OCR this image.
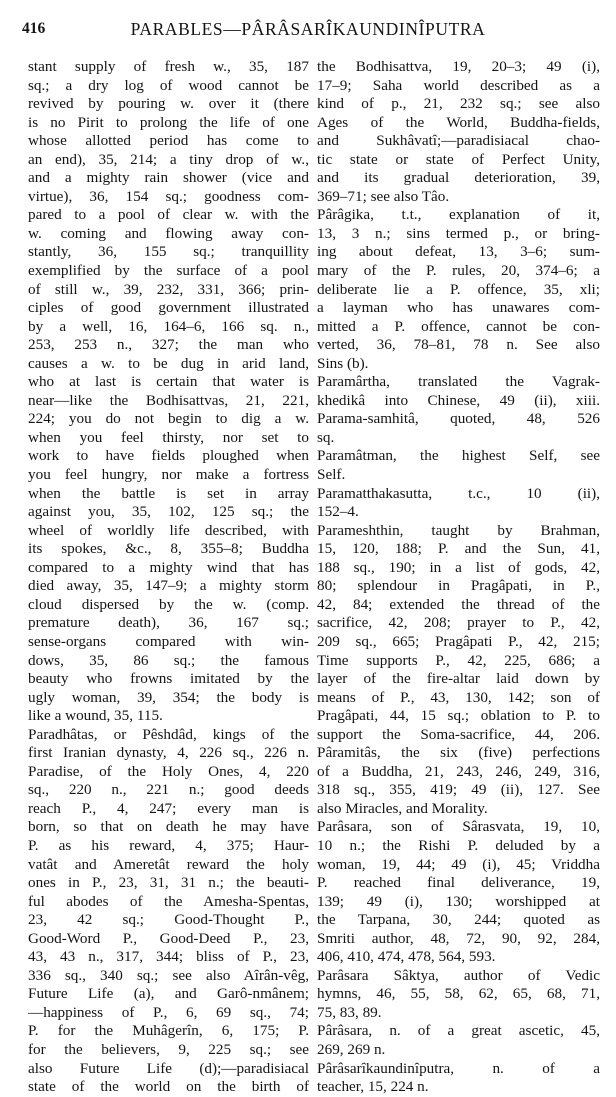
416	PARABLES—PÂRÂSARÎKAUNDINÎPUTRA
stant supply of fresh w., 35, 187
sq.; a dry log of wood cannot be
revived by pouring w. over it (there
is no Pirit to prolong the life of one
whose allotted period has come to
an end), 35, 214; a tiny drop of w.,
and a mighty rain shower (vice and
virtue), 36, 154 sq.; goodness com-
pared to a pool of clear w. with the
w. coming and flowing away con-
stantly, 36, 155 sq.; tranquillity
exemplified by the surface of a pool
of still w., 39, 232, 331, 366; prin-
ciples of good government illustrated
by a well, 16, 164–6, 166 sq. n.,
253, 253 n., 327; the man who
causes a w. to be dug in arid land,
who at last is certain that water is
near—like the Bodhisattvas, 21, 221,
224; you do not begin to dig a w.
when you feel thirsty, nor set to
work to have fields ploughed when
you feel hungry, nor make a fortress
when the battle is set in array
against you, 35, 102, 125 sq.; the
wheel of worldly life described, with
its spokes, &c., 8, 355–8; Buddha
compared to a mighty wind that has
died away, 35, 147–9; a mighty storm
cloud dispersed by the w. (comp.
premature death), 36, 167 sq.;
sense-organs compared with win-
dows, 35, 86 sq.; the famous
beauty who frowns imitated by the
ugly woman, 39, 354; the body is
like a wound, 35, 115.
Paradhâtas, or Pêshdâd, kings of the
first Iranian dynasty, 4, 226 sq., 226 n.
Paradise, of the Holy Ones, 4, 220
sq., 220 n., 221 n.; good deeds
reach P., 4, 247; every man is
born, so that on death he may have
P. as his reward, 4, 375; Haur-
vatât and Ameretât reward the holy
ones in P., 23, 31, 31 n.; the beauti-
ful abodes of the Amesha-Spentas,
23, 42 sq.; Good-Thought P.,
Good-Word P., Good-Deed P., 23,
43, 43 n., 317, 344; bliss of P., 23,
336 sq., 340 sq.; see also Aîrân-vêg,
Future Life (a), and Garô-nmânem;
—happiness of P., 6, 69 sq., 74;
P. for the Muhâgerîn, 6, 175; P.
for the believers, 9, 225 sq.; see
also Future Life (d);—paradisiacal
state of the world on the birth of
the Bodhisattva, 19, 20–3; 49 (i),
17–9; Saha world described as a
kind of p., 21, 232 sq.; see also
Ages of the World, Buddha-fields,
and Sukhâvatî;—paradisiacal chao-
tic state or state of Perfect Unity,
and its gradual deterioration, 39,
369–71; see also Tâo.
Pârâgika, t.t., explanation of it,
13, 3 n.; sins termed p., or bring-
ing about defeat, 13, 3–6; sum-
mary of the P. rules, 20, 374–6; a
deliberate lie a P. offence, 35, xli;
a layman who has unawares com-
mitted a P. offence, cannot be con-
verted, 36, 78–81, 78 n. See also
Sins (b).
Paramârtha, translated the Vagrak-
khedikâ into Chinese, 49 (ii), xiii.
Parama-samhitâ, quoted, 48, 526
sq.
Paramâtman, the highest Self, see
Self.
Paramatthakasutta, t.c., 10 (ii),
152–4.
Parameshthin, taught by Brahman,
15, 120, 188; P. and the Sun, 41,
188 sq., 190; in a list of gods, 42,
80; splendour in Pragâpati, in P.,
42, 84; extended the thread of the
sacrifice, 42, 208; prayer to P., 42,
209 sq., 665; Pragâpati P., 42, 215;
Time supports P., 42, 225, 686; a
layer of the fire-altar laid down by
means of P., 43, 130, 142; son of
Pragâpati, 44, 15 sq.; oblation to P. to
support the Soma-sacrifice, 44, 206.
Pâramitâs, the six (five) perfections
of a Buddha, 21, 243, 246, 249, 316,
318 sq., 355, 419; 49 (ii), 127. See
also Miracles, and Morality.
Parâsara, son of Sârasvata, 19, 10,
10 n.; the Rishi P. deluded by a
woman, 19, 44; 49 (i), 45; Vriddha
P. reached final deliverance, 19,
139; 49 (i), 130; worshipped at
the Tarpana, 30, 244; quoted as
Smriti author, 48, 72, 90, 92, 284,
406, 410, 474, 478, 564, 593.
Parâsara Sâktya, author of Vedic
hymns, 46, 55, 58, 62, 65, 68, 71,
75, 83, 89.
Pârâsara, n. of a great ascetic, 45,
269, 269 n.
Pârâsarîkaundinîputra, n. of a
teacher, 15, 224 n.
